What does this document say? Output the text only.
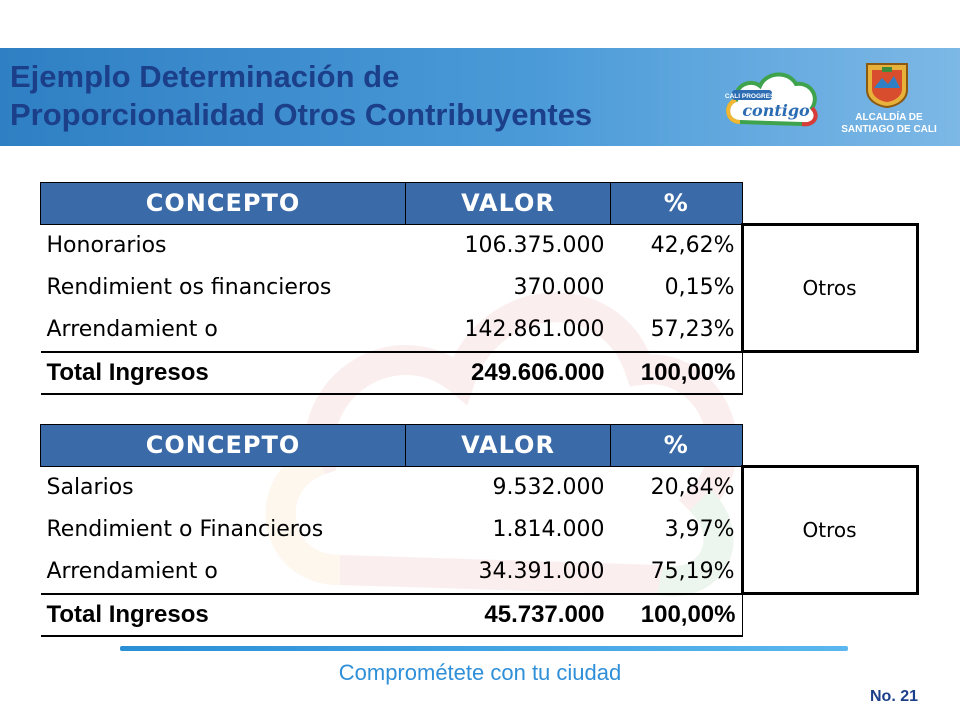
Ejemplo Determinación de
Proporcionalidad Otros Contribuyentes
CALI PROGRESA
contigo	ALCALDÍA DE
SANTIAGO DE CALI
CONCEPTO	VALOR	%	
Honorarios	106.375.000	42,62%	Otros
Rendimient os financieros	370.000	0,15%	
Arrendamient o	142.861.000	57,23%	
Total Ingresos	249.606.000	100,00%	
CONCEPTO	VALOR	%	
Salarios	9.532.000	20,84%	Otros
Rendimient o Financieros	1.814.000	3,97%	
Arrendamient o	34.391.000	75,19%	
Total Ingresos	45.737.000	100,00%	
Comprométete con tu ciudad
No. 21
